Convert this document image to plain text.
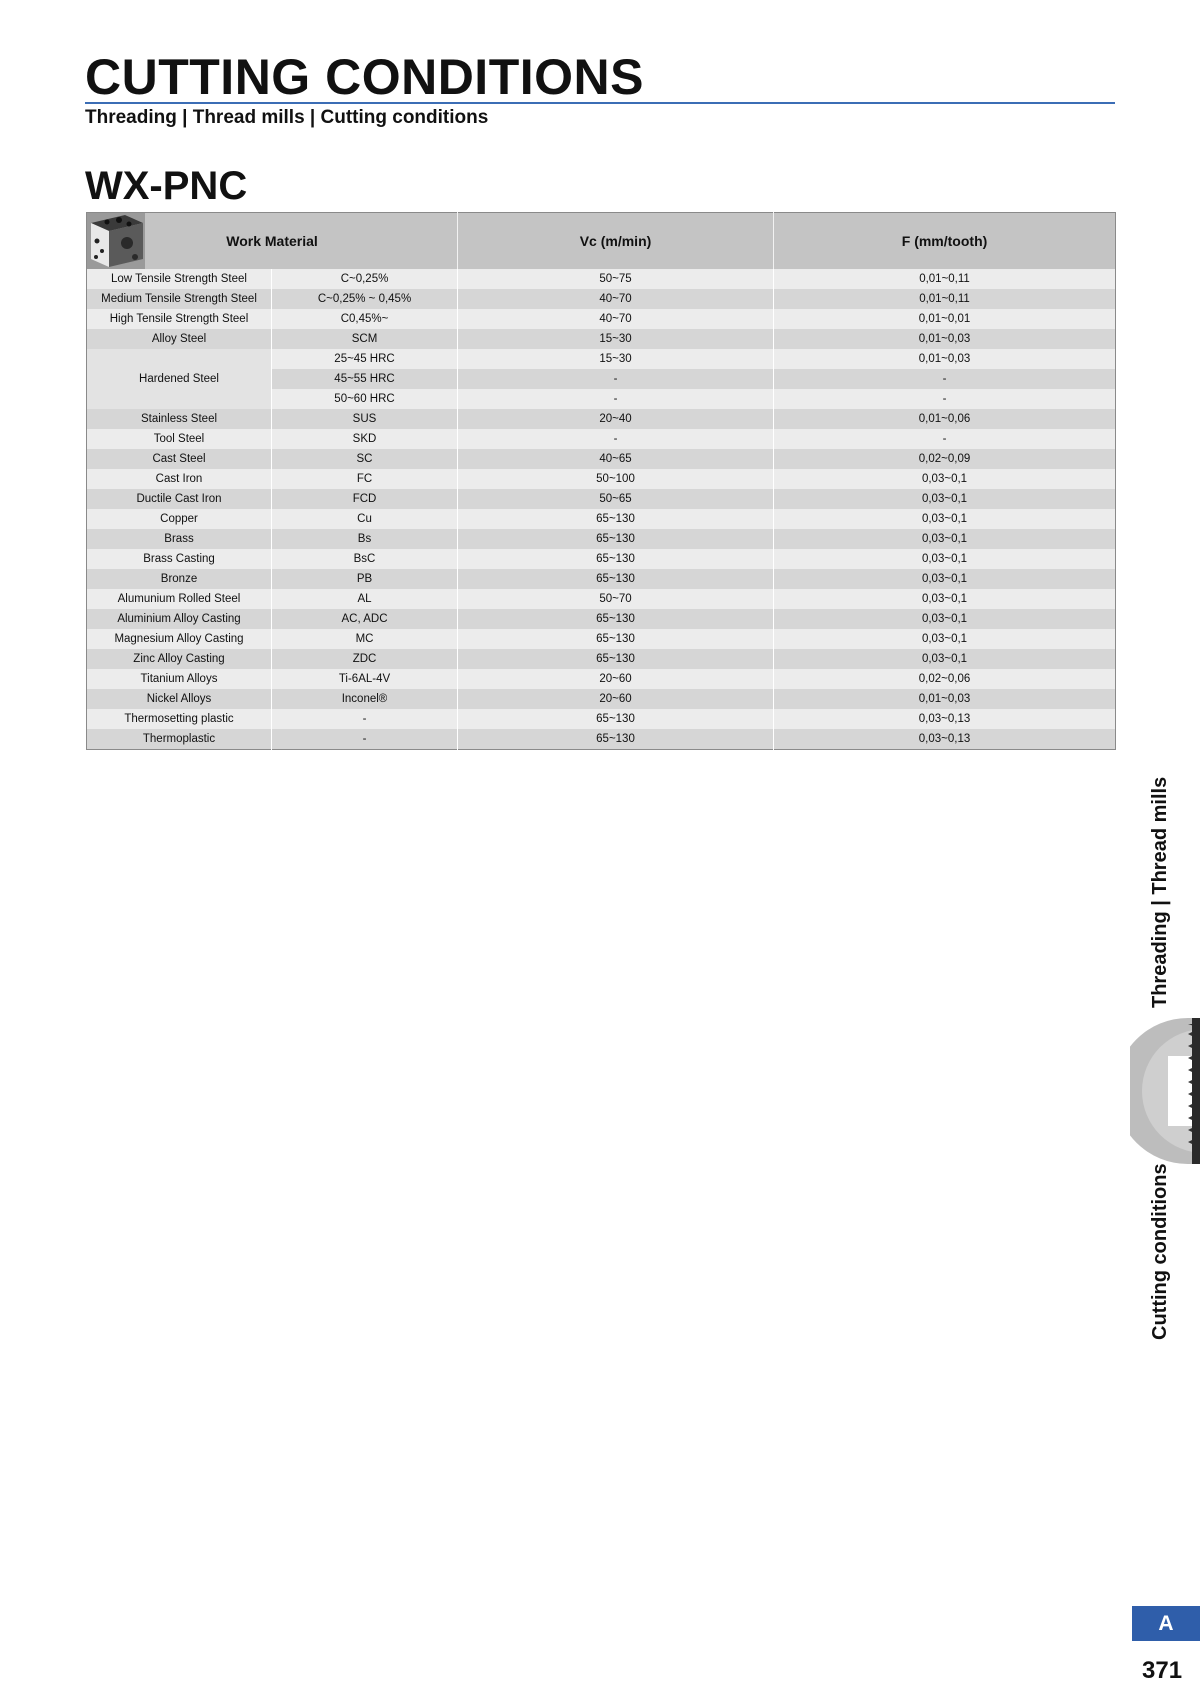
CUTTING CONDITIONS
Threading | Thread mills | Cutting conditions
WX-PNC
Work Material		Vc (m/min)	F (mm/tooth)
Low Tensile Strength Steel	C~0,25%	50~75	0,01~0,11
Medium Tensile Strength Steel	C~0,25% ~ 0,45%	40~70	0,01~0,11
High Tensile Strength Steel	C0,45%~	40~70	0,01~0,01
Alloy Steel	SCM	15~30	0,01~0,03
Hardened Steel	25~45 HRC	15~30	0,01~0,03
	45~55 HRC	-	-
	50~60 HRC	-	-
Stainless Steel	SUS	20~40	0,01~0,06
Tool Steel	SKD	-	-
Cast Steel	SC	40~65	0,02~0,09
Cast Iron	FC	50~100	0,03~0,1
Ductile Cast Iron	FCD	50~65	0,03~0,1
Copper	Cu	65~130	0,03~0,1
Brass	Bs	65~130	0,03~0,1
Brass Casting	BsC	65~130	0,03~0,1
Bronze	PB	65~130	0,03~0,1
Alumunium Rolled Steel	AL	50~70	0,03~0,1
Aluminium Alloy Casting	AC, ADC	65~130	0,03~0,1
Magnesium Alloy Casting	MC	65~130	0,03~0,1
Zinc Alloy Casting	ZDC	65~130	0,03~0,1
Titanium Alloys	Ti-6AL-4V	20~60	0,02~0,06
Nickel Alloys	Inconel®	20~60	0,01~0,03
Thermosetting plastic	-	65~130	0,03~0,13
Thermoplastic	-	65~130	0,03~0,13
Threading | Thread mills
Cutting conditions
A
371
